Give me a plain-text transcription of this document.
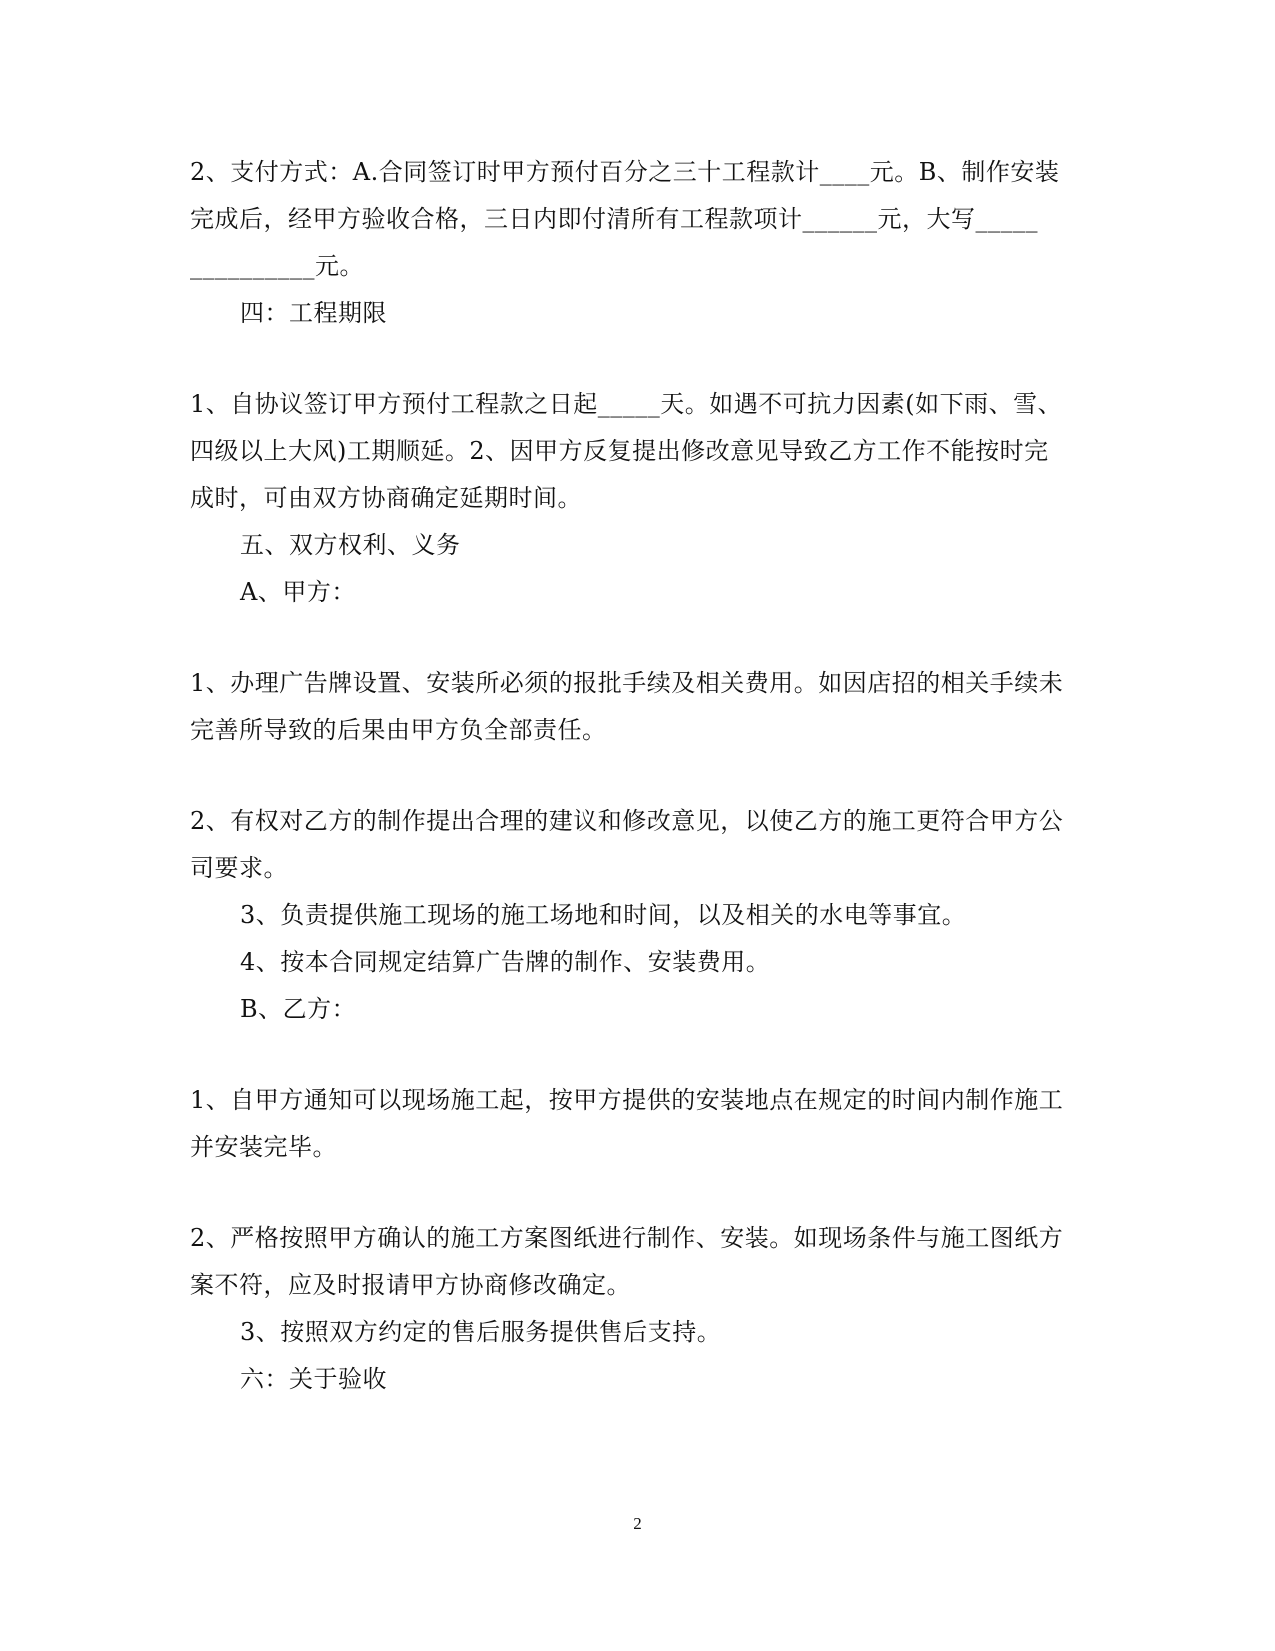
2、支付方式：A.合同签订时甲方预付百分之三十工程款计____元。B、制作安装
完成后，经甲方验收合格，三日内即付清所有工程款项计______元，大写_____
__________元。
四：工程期限
1、自协议签订甲方预付工程款之日起_____天。如遇不可抗力因素(如下雨、雪、
四级以上大风)工期顺延。2、因甲方反复提出修改意见导致乙方工作不能按时完
成时，可由双方协商确定延期时间。
五、双方权利、义务
A、甲方：
1、办理广告牌设置、安装所必须的报批手续及相关费用。如因店招的相关手续未
完善所导致的后果由甲方负全部责任。
2、有权对乙方的制作提出合理的建议和修改意见，以使乙方的施工更符合甲方公
司要求。
3、负责提供施工现场的施工场地和时间，以及相关的水电等事宜。
4、按本合同规定结算广告牌的制作、安装费用。
B、乙方：
1、自甲方通知可以现场施工起，按甲方提供的安装地点在规定的时间内制作施工
并安装完毕。
2、严格按照甲方确认的施工方案图纸进行制作、安装。如现场条件与施工图纸方
案不符，应及时报请甲方协商修改确定。
3、按照双方约定的售后服务提供售后支持。
六：关于验收
2
